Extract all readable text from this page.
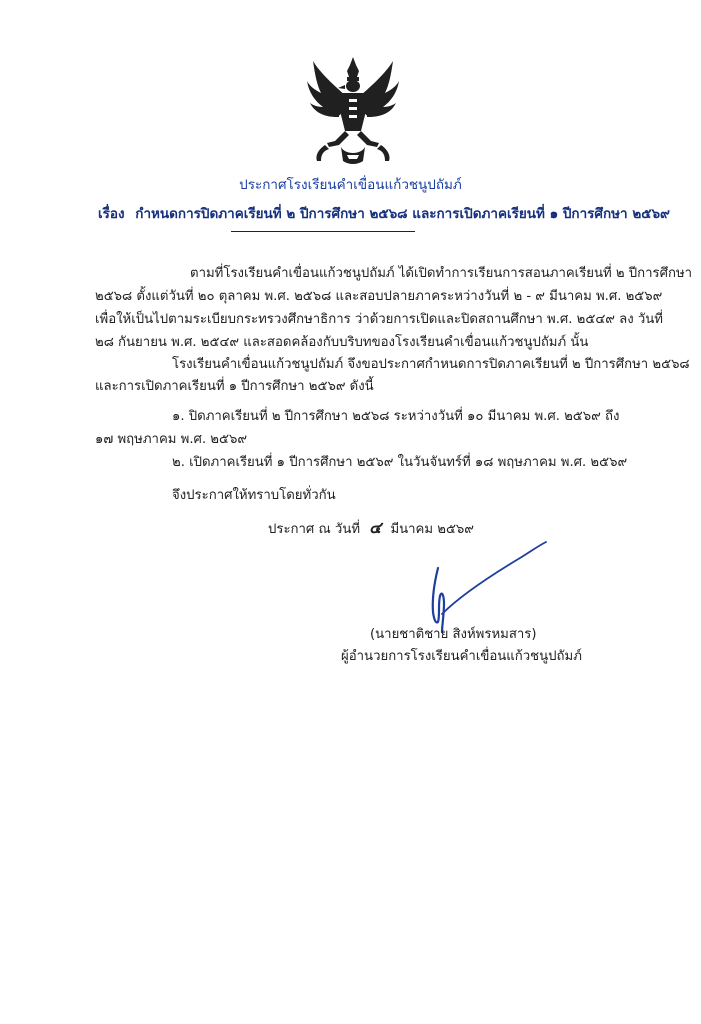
ประกาศโรงเรียนคำเขื่อนแก้วชนูปถัมภ์
เรื่อง กำหนดการปิดภาคเรียนที่ ๒ ปีการศึกษา ๒๕๖๘ และการเปิดภาคเรียนที่ ๑ ปีการศึกษา ๒๕๖๙
ตามที่โรงเรียนคำเขื่อนแก้วชนูปถัมภ์ ได้เปิดทำการเรียนการสอนภาคเรียนที่ ๒ ปีการศึกษา
๒๕๖๘ ตั้งแต่วันที่ ๒๐ ตุลาคม พ.ศ. ๒๕๖๘ และสอบปลายภาคระหว่างวันที่ ๒ - ๙ มีนาคม พ.ศ. ๒๕๖๙
เพื่อให้เป็นไปตามระเบียบกระทรวงศึกษาธิการ ว่าด้วยการเปิดและปิดสถานศึกษา พ.ศ. ๒๕๔๙ ลง วันที่
๒๘ กันยายน พ.ศ. ๒๕๔๙ และสอดคล้องกับบริบทของโรงเรียนคำเขื่อนแก้วชนูปถัมภ์ นั้น
โรงเรียนคำเขื่อนแก้วชนูปถัมภ์ จึงขอประกาศกำหนดการปิดภาคเรียนที่ ๒ ปีการศึกษา ๒๕๖๘
และการเปิดภาคเรียนที่ ๑ ปีการศึกษา ๒๕๖๙ ดังนี้
๑. ปิดภาคเรียนที่ ๒ ปีการศึกษา ๒๕๖๘ ระหว่างวันที่ ๑๐ มีนาคม พ.ศ. ๒๕๖๙ ถึง
๑๗ พฤษภาคม พ.ศ. ๒๕๖๙
๒. เปิดภาคเรียนที่ ๑ ปีการศึกษา ๒๕๖๙ ในวันจันทร์ที่ ๑๘ พฤษภาคม พ.ศ. ๒๕๖๙
จึงประกาศให้ทราบโดยทั่วกัน
ประกาศ ณ วันที่ ๔ มีนาคม ๒๕๖๙
(นายชาติชาย สิงห์พรหมสาร)
ผู้อำนวยการโรงเรียนคำเขื่อนแก้วชนูปถัมภ์
